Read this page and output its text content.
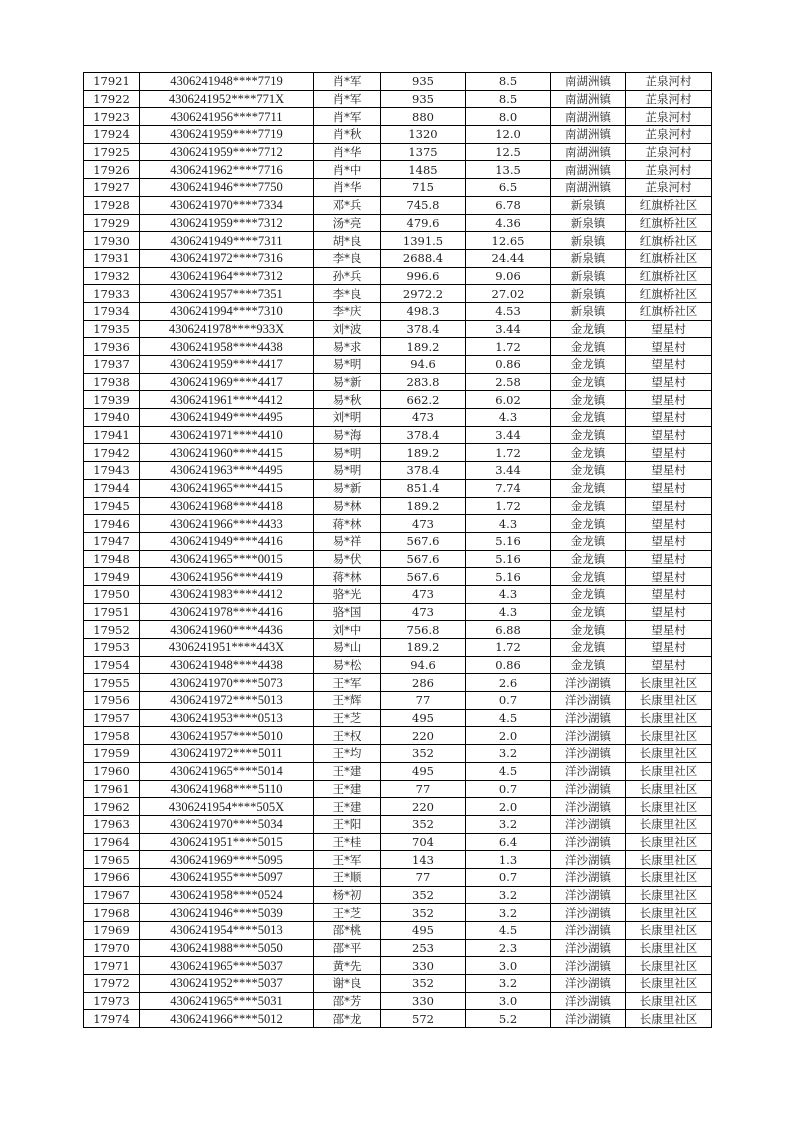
17921	4306241948****7719	肖*军	935	8.5	南湖洲镇	芷泉河村
17922	4306241952****771X	肖*军	935	8.5	南湖洲镇	芷泉河村
17923	4306241956****7711	肖*军	880	8.0	南湖洲镇	芷泉河村
17924	4306241959****7719	肖*秋	1320	12.0	南湖洲镇	芷泉河村
17925	4306241959****7712	肖*华	1375	12.5	南湖洲镇	芷泉河村
17926	4306241962****7716	肖*中	1485	13.5	南湖洲镇	芷泉河村
17927	4306241946****7750	肖*华	715	6.5	南湖洲镇	芷泉河村
17928	4306241970****7334	邓*兵	745.8	6.78	新泉镇	红旗桥社区
17929	4306241959****7312	汤*亮	479.6	4.36	新泉镇	红旗桥社区
17930	4306241949****7311	胡*良	1391.5	12.65	新泉镇	红旗桥社区
17931	4306241972****7316	李*良	2688.4	24.44	新泉镇	红旗桥社区
17932	4306241964****7312	孙*兵	996.6	9.06	新泉镇	红旗桥社区
17933	4306241957****7351	李*良	2972.2	27.02	新泉镇	红旗桥社区
17934	4306241994****7310	李*庆	498.3	4.53	新泉镇	红旗桥社区
17935	4306241978****933X	刘*波	378.4	3.44	金龙镇	望星村
17936	4306241958****4438	易*求	189.2	1.72	金龙镇	望星村
17937	4306241959****4417	易*明	94.6	0.86	金龙镇	望星村
17938	4306241969****4417	易*新	283.8	2.58	金龙镇	望星村
17939	4306241961****4412	易*秋	662.2	6.02	金龙镇	望星村
17940	4306241949****4495	刘*明	473	4.3	金龙镇	望星村
17941	4306241971****4410	易*海	378.4	3.44	金龙镇	望星村
17942	4306241960****4415	易*明	189.2	1.72	金龙镇	望星村
17943	4306241963****4495	易*明	378.4	3.44	金龙镇	望星村
17944	4306241965****4415	易*新	851.4	7.74	金龙镇	望星村
17945	4306241968****4418	易*林	189.2	1.72	金龙镇	望星村
17946	4306241966****4433	蒋*林	473	4.3	金龙镇	望星村
17947	4306241949****4416	易*祥	567.6	5.16	金龙镇	望星村
17948	4306241965****0015	易*伏	567.6	5.16	金龙镇	望星村
17949	4306241956****4419	蒋*林	567.6	5.16	金龙镇	望星村
17950	4306241983****4412	骆*光	473	4.3	金龙镇	望星村
17951	4306241978****4416	骆*国	473	4.3	金龙镇	望星村
17952	4306241960****4436	刘*中	756.8	6.88	金龙镇	望星村
17953	4306241951****443X	易*山	189.2	1.72	金龙镇	望星村
17954	4306241948****4438	易*松	94.6	0.86	金龙镇	望星村
17955	4306241970****5073	王*军	286	2.6	洋沙湖镇	长康里社区
17956	4306241972****5013	王*辉	77	0.7	洋沙湖镇	长康里社区
17957	4306241953****0513	王*芝	495	4.5	洋沙湖镇	长康里社区
17958	4306241957****5010	王*权	220	2.0	洋沙湖镇	长康里社区
17959	4306241972****5011	王*均	352	3.2	洋沙湖镇	长康里社区
17960	4306241965****5014	王*建	495	4.5	洋沙湖镇	长康里社区
17961	4306241968****5110	王*建	77	0.7	洋沙湖镇	长康里社区
17962	4306241954****505X	王*建	220	2.0	洋沙湖镇	长康里社区
17963	4306241970****5034	王*阳	352	3.2	洋沙湖镇	长康里社区
17964	4306241951****5015	王*桂	704	6.4	洋沙湖镇	长康里社区
17965	4306241969****5095	王*军	143	1.3	洋沙湖镇	长康里社区
17966	4306241955****5097	王*顺	77	0.7	洋沙湖镇	长康里社区
17967	4306241958****0524	杨*初	352	3.2	洋沙湖镇	长康里社区
17968	4306241946****5039	王*芝	352	3.2	洋沙湖镇	长康里社区
17969	4306241954****5013	邵*桃	495	4.5	洋沙湖镇	长康里社区
17970	4306241988****5050	邵*平	253	2.3	洋沙湖镇	长康里社区
17971	4306241965****5037	黄*先	330	3.0	洋沙湖镇	长康里社区
17972	4306241952****5037	谢*良	352	3.2	洋沙湖镇	长康里社区
17973	4306241965****5031	邵*芳	330	3.0	洋沙湖镇	长康里社区
17974	4306241966****5012	邵*龙	572	5.2	洋沙湖镇	长康里社区
